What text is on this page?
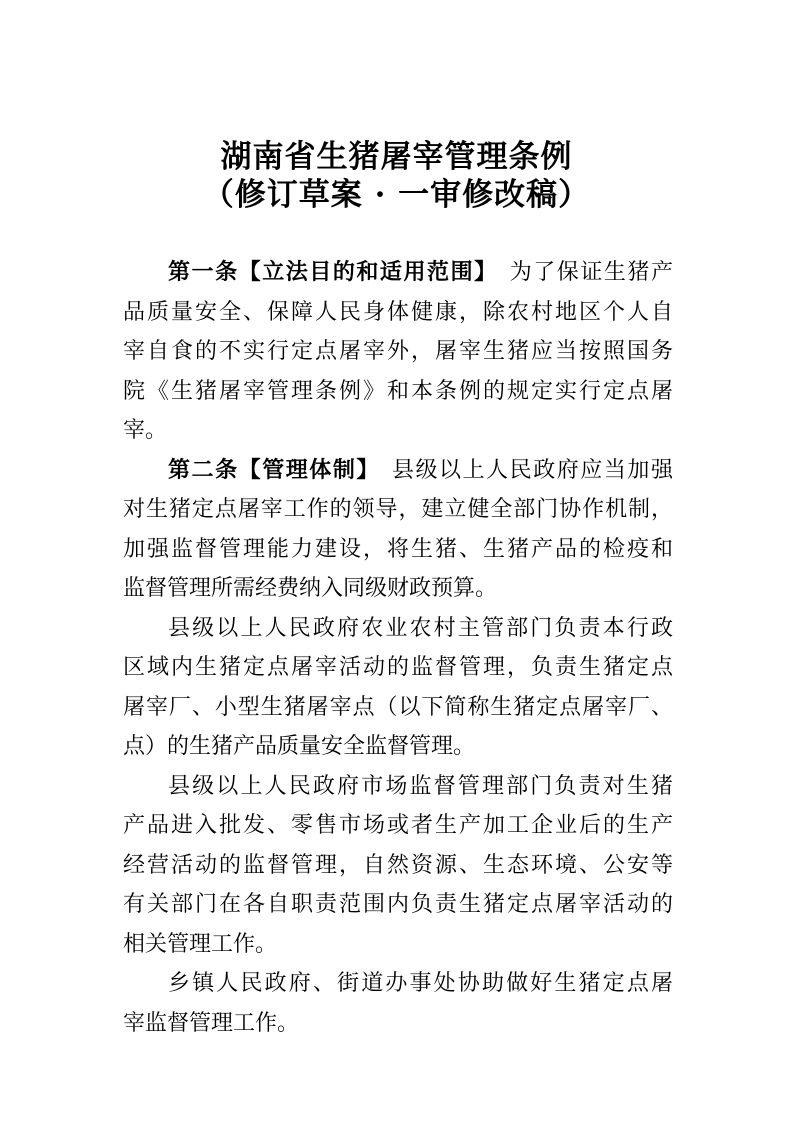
湖南省生猪屠宰管理条例
（修订草案 · 一审修改稿）
第一条【立法目的和适用范围】 为了保证生猪产
品质量安全、保障人民身体健康，除农村地区个人自
宰自食的不实行定点屠宰外，屠宰生猪应当按照国务
院《生猪屠宰管理条例》和本条例的规定实行定点屠
宰。
第二条【管理体制】 县级以上人民政府应当加强
对生猪定点屠宰工作的领导，建立健全部门协作机制，
加强监督管理能力建设，将生猪、生猪产品的检疫和
监督管理所需经费纳入同级财政预算。
县级以上人民政府农业农村主管部门负责本行政
区域内生猪定点屠宰活动的监督管理，负责生猪定点
屠宰厂、小型生猪屠宰点（以下简称生猪定点屠宰厂、
点）的生猪产品质量安全监督管理。
县级以上人民政府市场监督管理部门负责对生猪
产品进入批发、零售市场或者生产加工企业后的生产
经营活动的监督管理，自然资源、生态环境、公安等
有关部门在各自职责范围内负责生猪定点屠宰活动的
相关管理工作。
乡镇人民政府、街道办事处协助做好生猪定点屠
宰监督管理工作。
